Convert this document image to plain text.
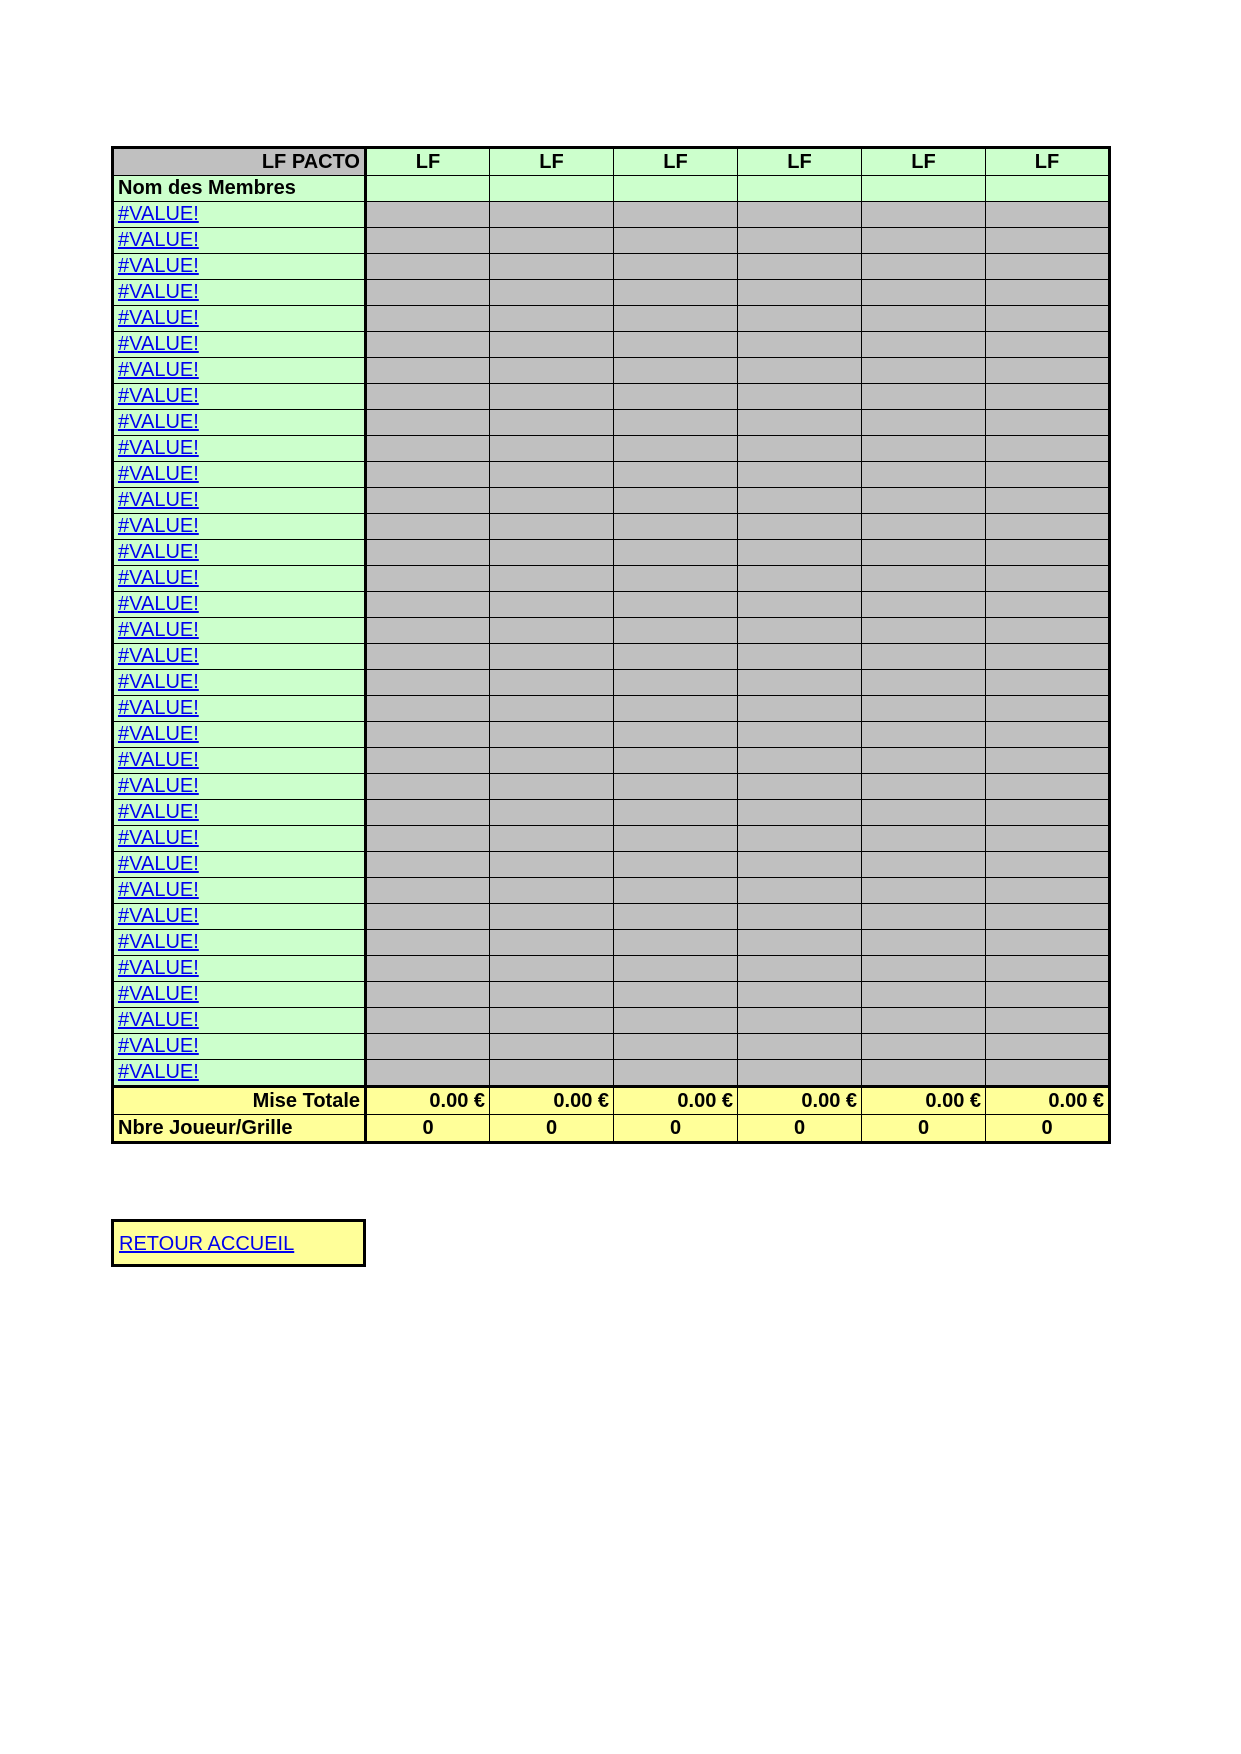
LF PACTO	LF	LF	LF	LF	LF	LF
Nom des Membres						
#VALUE!						
#VALUE!						
#VALUE!						
#VALUE!						
#VALUE!						
#VALUE!						
#VALUE!						
#VALUE!						
#VALUE!						
#VALUE!						
#VALUE!						
#VALUE!						
#VALUE!						
#VALUE!						
#VALUE!						
#VALUE!						
#VALUE!						
#VALUE!						
#VALUE!						
#VALUE!						
#VALUE!						
#VALUE!						
#VALUE!						
#VALUE!						
#VALUE!						
#VALUE!						
#VALUE!						
#VALUE!						
#VALUE!						
#VALUE!						
#VALUE!						
#VALUE!						
#VALUE!						
#VALUE!						
Mise Totale	0.00 €	0.00 €	0.00 €	0.00 €	0.00 €	0.00 €
Nbre Joueur/Grille	0	0	0	0	0	0
RETOUR ACCUEIL
